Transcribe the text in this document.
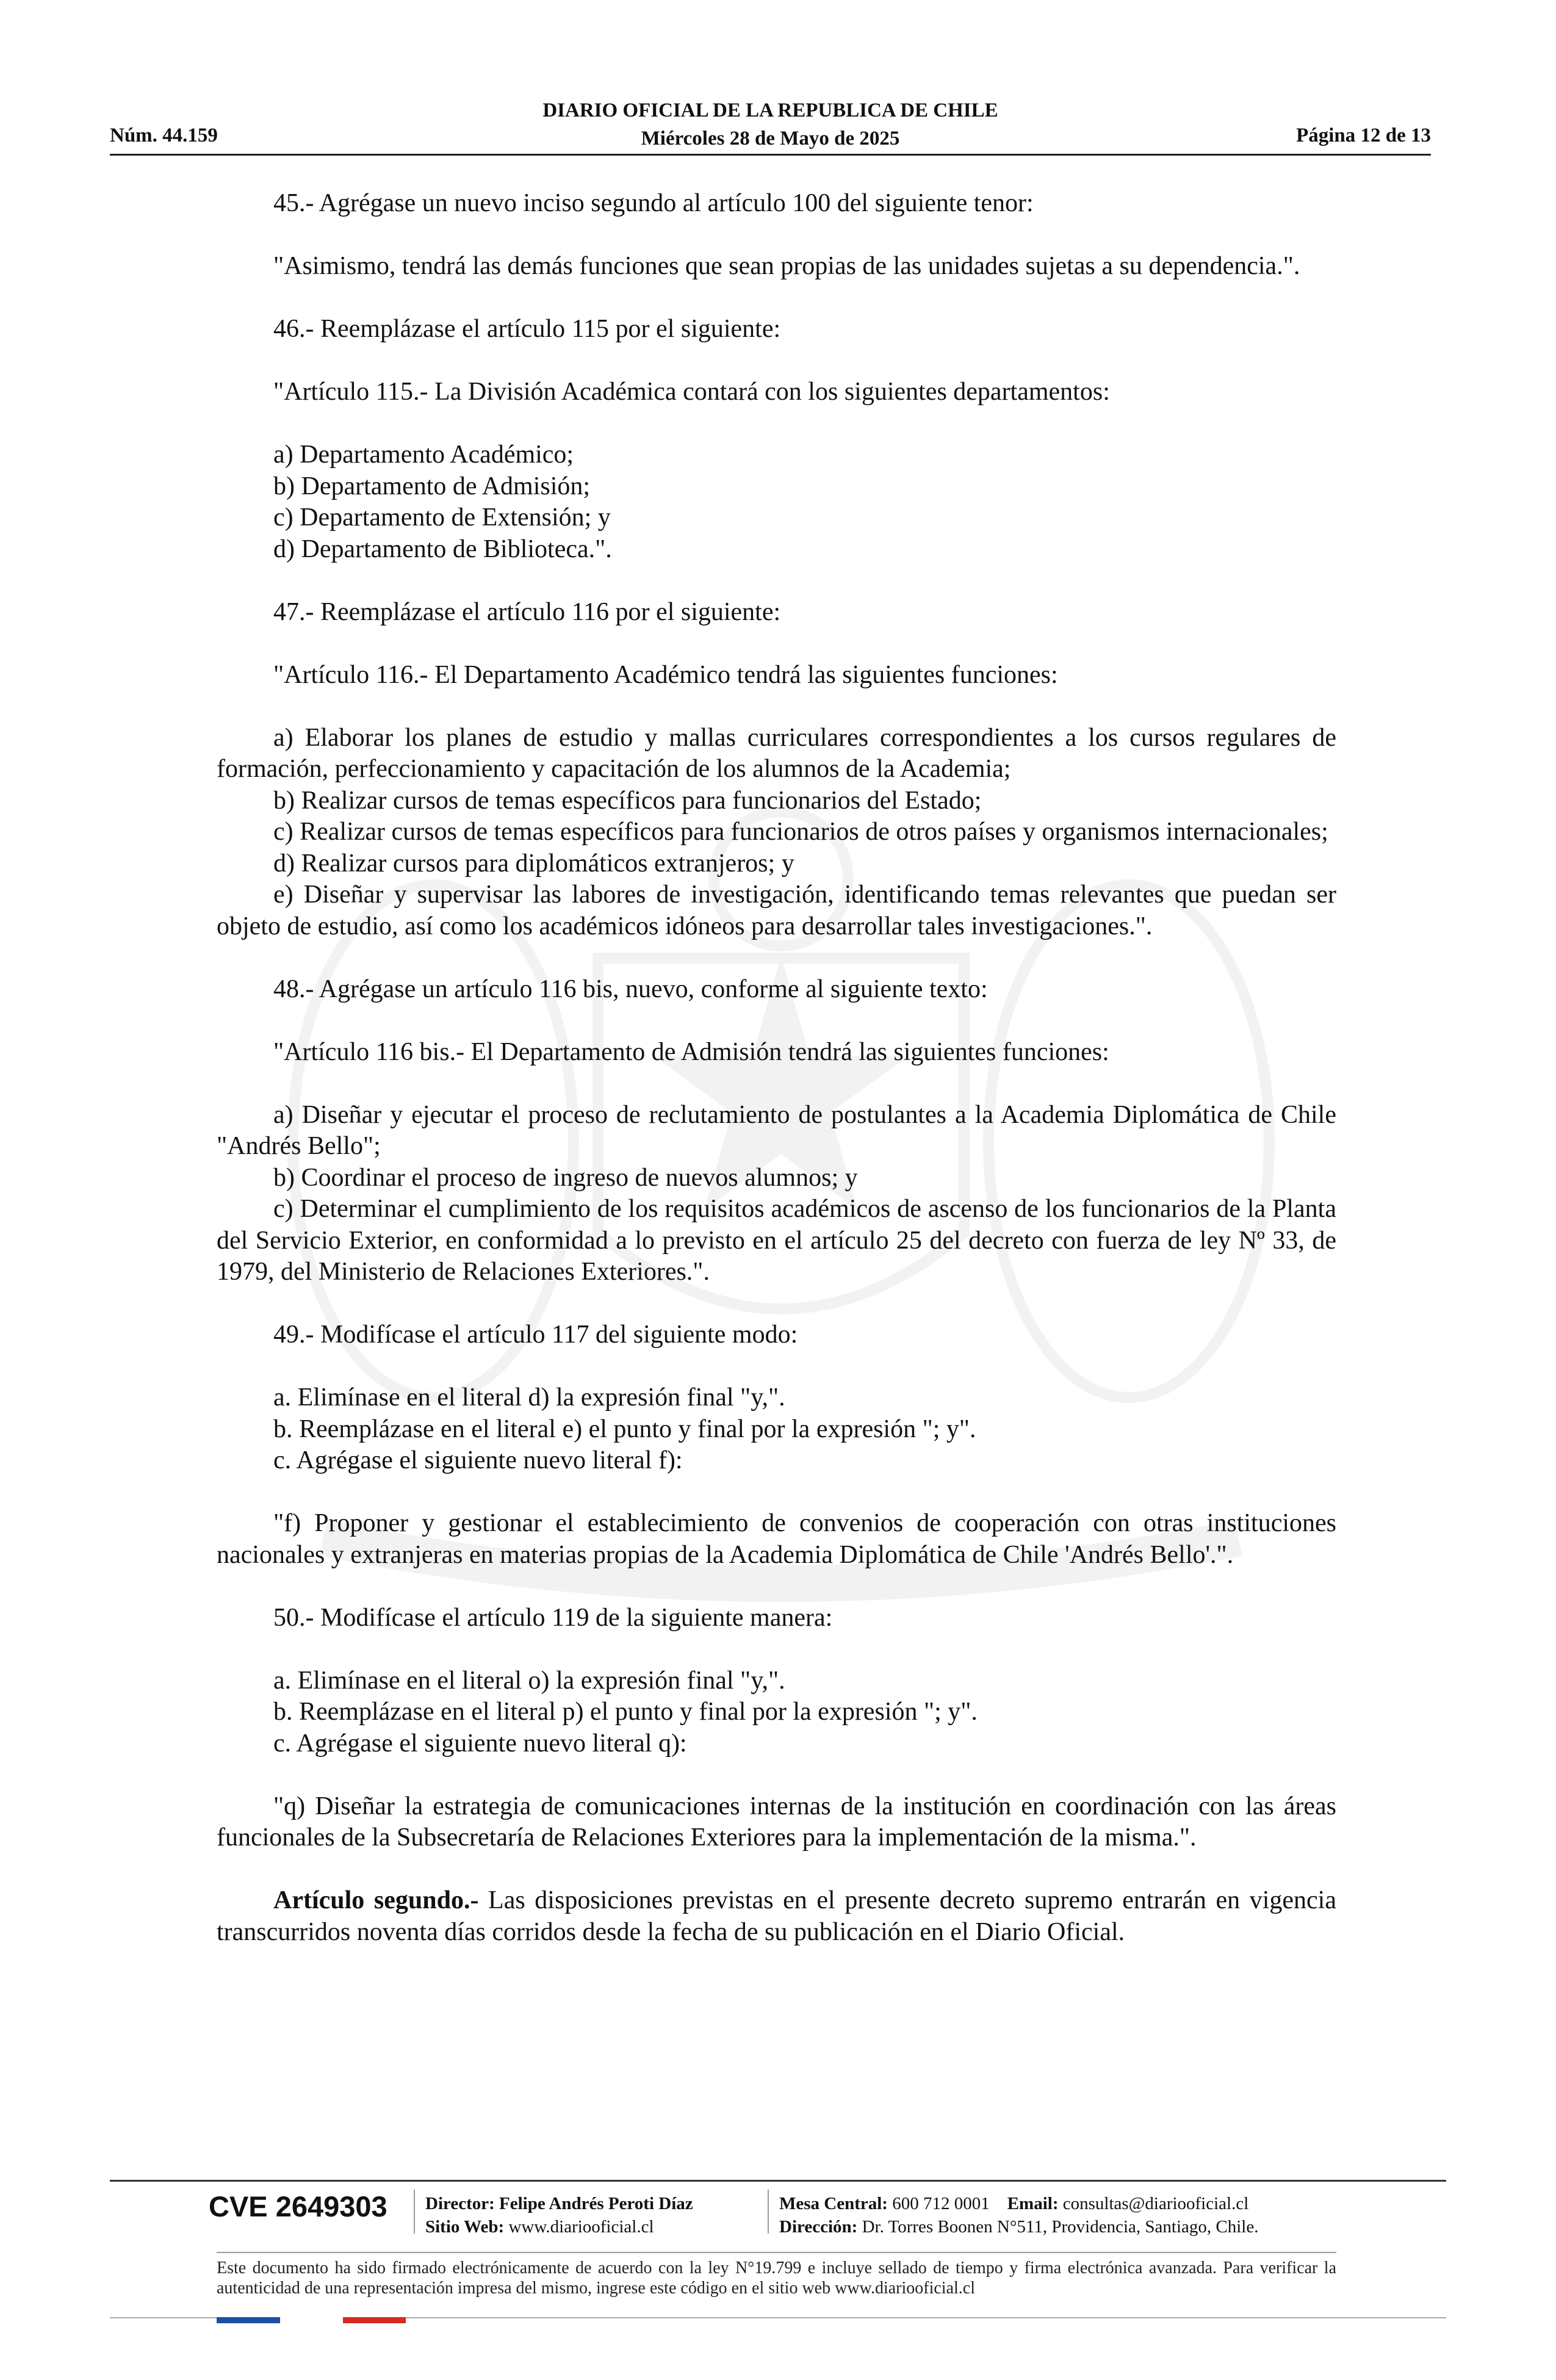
Núm. 44.159
DIARIO OFICIAL DE LA REPUBLICA DE CHILE
Miércoles 28 de Mayo de 2025	Página 12 de 13

45.- Agrégase un nuevo inciso segundo al artículo 100 del siguiente tenor:

"Asimismo, tendrá las demás funciones que sean propias de las unidades sujetas a su dependencia.".

46.- Reemplázase el artículo 115 por el siguiente:

"Artículo 115.- La División Académica contará con los siguientes departamentos:

a) Departamento Académico;

b) Departamento de Admisión;

c) Departamento de Extensión; y

d) Departamento de Biblioteca.".

47.- Reemplázase el artículo 116 por el siguiente:

"Artículo 116.- El Departamento Académico tendrá las siguientes funciones:

a) Elaborar los planes de estudio y mallas curriculares correspondientes a los cursos regulares de formación, perfeccionamiento y capacitación de los alumnos de la Academia;

b) Realizar cursos de temas específicos para funcionarios del Estado;

c) Realizar cursos de temas específicos para funcionarios de otros países y organismos internacionales;

d) Realizar cursos para diplomáticos extranjeros; y

e) Diseñar y supervisar las labores de investigación, identificando temas relevantes que puedan ser objeto de estudio, así como los académicos idóneos para desarrollar tales investigaciones.".

48.- Agrégase un artículo 116 bis, nuevo, conforme al siguiente texto:

"Artículo 116 bis.- El Departamento de Admisión tendrá las siguientes funciones:

a) Diseñar y ejecutar el proceso de reclutamiento de postulantes a la Academia Diplomática de Chile "Andrés Bello";

b) Coordinar el proceso de ingreso de nuevos alumnos; y

c) Determinar el cumplimiento de los requisitos académicos de ascenso de los funcionarios de la Planta del Servicio Exterior, en conformidad a lo previsto en el artículo 25 del decreto con fuerza de ley Nº 33, de 1979, del Ministerio de Relaciones Exteriores.".

49.- Modifícase el artículo 117 del siguiente modo:

a. Elimínase en el literal d) la expresión final "y,".

b. Reemplázase en el literal e) el punto y final por la expresión "; y".

c. Agrégase el siguiente nuevo literal f):

"f) Proponer y gestionar el establecimiento de convenios de cooperación con otras instituciones nacionales y extranjeras en materias propias de la Academia Diplomática de Chile 'Andrés Bello'.".

50.- Modifícase el artículo 119 de la siguiente manera:

a. Elimínase en el literal o) la expresión final "y,".

b. Reemplázase en el literal p) el punto y final por la expresión "; y".

c. Agrégase el siguiente nuevo literal q):

"q) Diseñar la estrategia de comunicaciones internas de la institución en coordinación con las áreas funcionales de la Subsecretaría de Relaciones Exteriores para la implementación de la misma.".

Artículo segundo.- Las disposiciones previstas en el presente decreto supremo entrarán en vigencia transcurridos noventa días corridos desde la fecha de su publicación en el Diario Oficial.

CVE 2649303 Director: Felipe Andrés Peroti Díaz
Sitio Web: www.diariooficial.cl
Mesa Central: 600 712 0001 Email: consultas@diariooficial.cl
Dirección: Dr. Torres Boonen N°511, Providencia, Santiago, Chile.
Este documento ha sido firmado electrónicamente de acuerdo con la ley N°19.799 e incluye sellado de tiempo y firma electrónica avanzada. Para verificar la autenticidad de una representación impresa del mismo, ingrese este código en el sitio web www.diariooficial.cl
